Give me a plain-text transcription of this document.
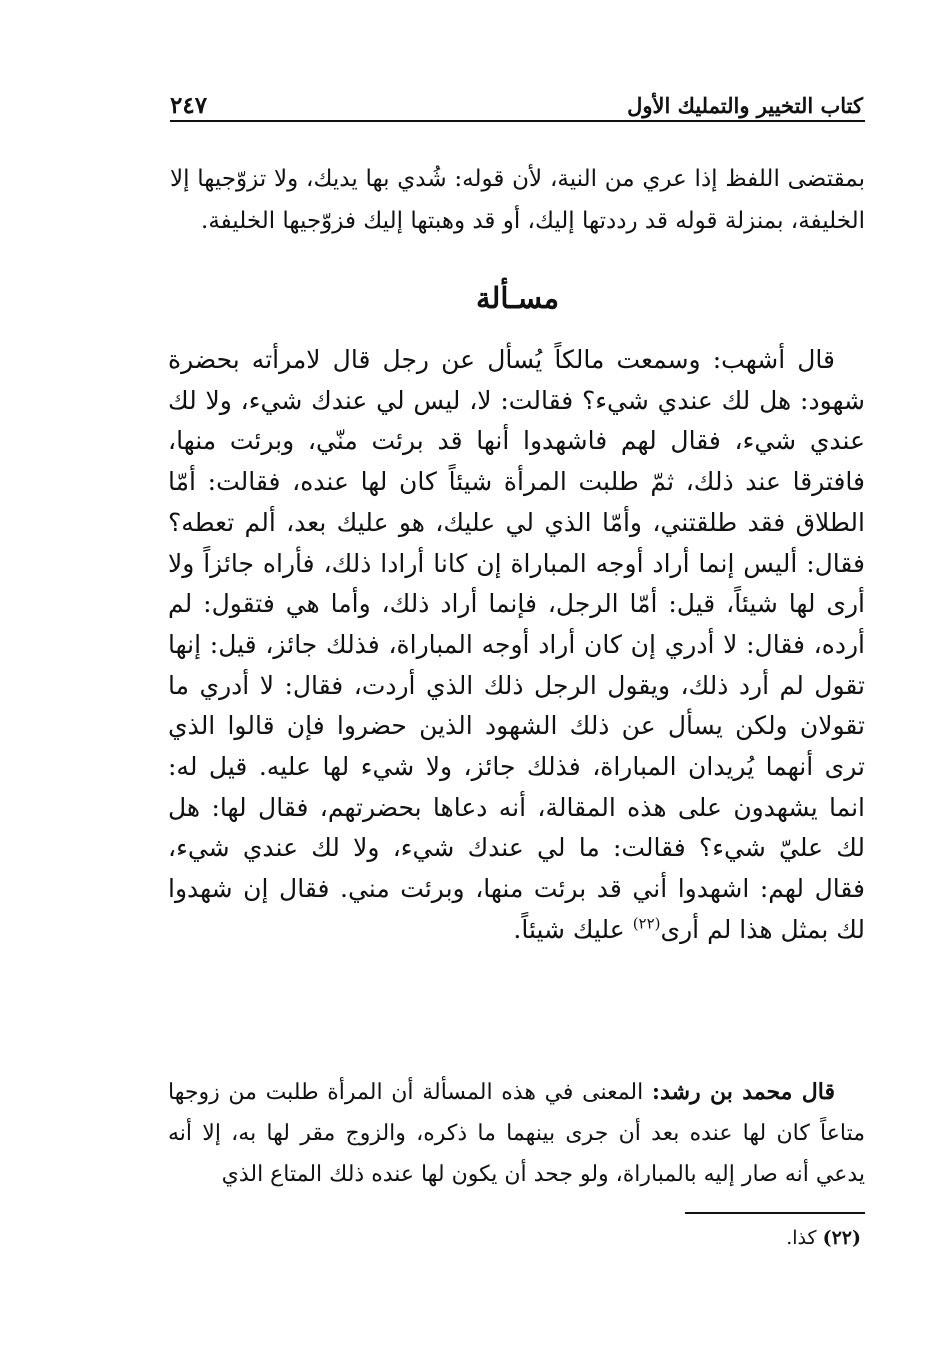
كتاب التخيير والتمليك الأول
٢٤٧

بمقتضى اللفظ إذا عري من النية، لأن قوله: شُدي بها يديك، ولا تزوّجيها إلا الخليفة، بمنزلة قوله قد رددتها إليك، أو قد وهبتها إليك فزوّجيها الخليفة.

مسـألة

قال أشهب: وسمعت مالكاً يُسأل عن رجل قال لامرأته بحضرة شهود: هل لك عندي شيء؟ فقالت: لا، ليس لي عندك شيء، ولا لك عندي شيء، فقال لهم فاشهدوا أنها قد برئت منّي، وبرئت منها، فافترقا عند ذلك، ثمّ طلبت المرأة شيئاً كان لها عنده، فقالت: أمّا الطلاق فقد طلقتني، وأمّا الذي لي عليك، هو عليك بعد، ألم تعطه؟ فقال: أليس إنما أراد أوجه المباراة إن كانا أرادا ذلك، فأراه جائزاً ولا أرى لها شيئاً، قيل: أمّا الرجل، فإنما أراد ذلك، وأما هي فتقول: لم أرده، فقال: لا أدري إن كان أراد أوجه المباراة، فذلك جائز، قيل: إنها تقول لم أرد ذلك، ويقول الرجل ذلك الذي أردت، فقال: لا أدري ما تقولان ولكن يسأل عن ذلك الشهود الذين حضروا فإن قالوا الذي ترى أنهما يُريدان المباراة، فذلك جائز، ولا شيء لها عليه. قيل له: انما يشهدون على هذه المقالة، أنه دعاها بحضرتهم، فقال لها: هل لك عليّ شيء؟ فقالت: ما لي عندك شيء، ولا لك عندي شيء، فقال لهم: اشهدوا أني قد برئت منها، وبرئت مني. فقال إن شهدوا لك بمثل هذا لم أرى$^{(٢٢)}$ عليك شيئاً.

قال محمد بن رشد: المعنى في هذه المسألة أن المرأة طلبت من زوجها متاعاً كان لها عنده بعد أن جرى بينهما ما ذكره، والزوج مقر لها به، إلا أنه يدعي أنه صار إليه بالمباراة، ولو جحد أن يكون لها عنده ذلك المتاع الذي

(٢٢) كذا.
